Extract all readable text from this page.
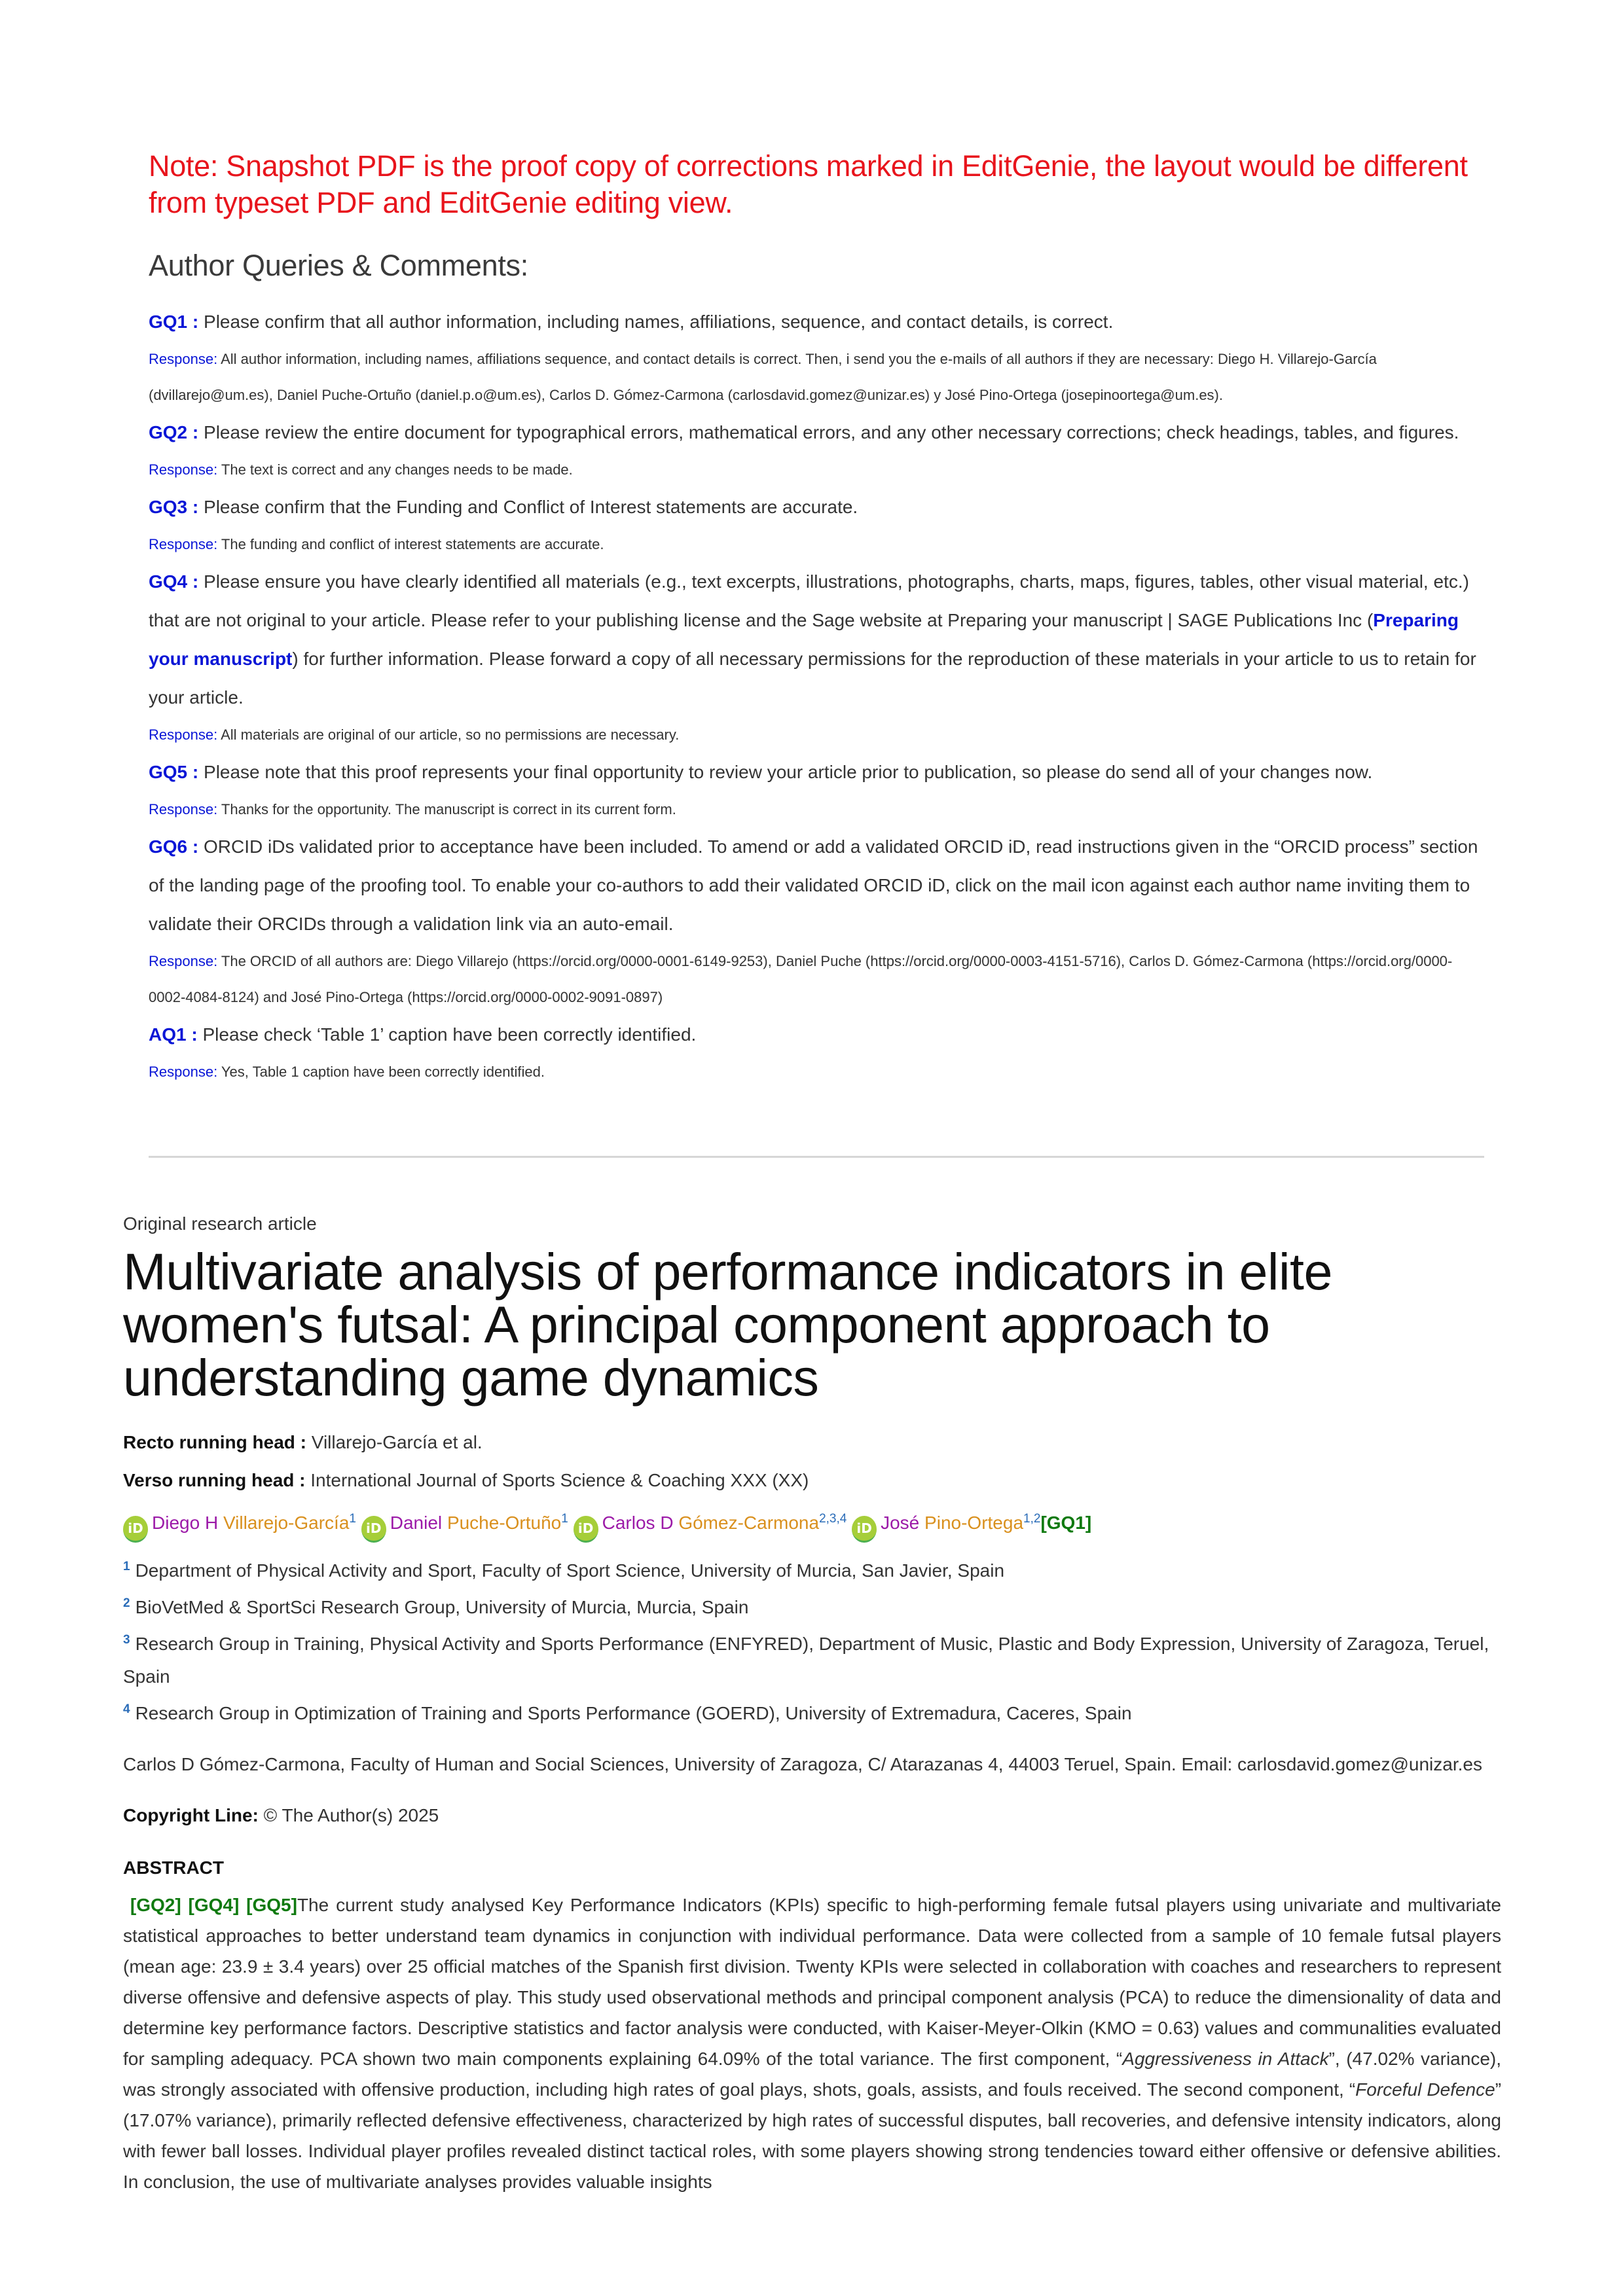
Note: Snapshot PDF is the proof copy of corrections marked in EditGenie, the layout would be different from typeset PDF and EditGenie editing view.

Author Queries & Comments:

GQ1 : Please confirm that all author information, including names, affiliations, sequence, and contact details, is correct.

Response: All author information, including names, affiliations sequence, and contact details is correct. Then, i send you the e-mails of all authors if they are necessary: Diego H. Villarejo-García (dvillarejo@um.es), Daniel Puche-Ortuño (daniel.p.o@um.es), Carlos D. Gómez-Carmona (carlosdavid.gomez@unizar.es) y José Pino-Ortega (josepinoortega@um.es).

GQ2 : Please review the entire document for typographical errors, mathematical errors, and any other necessary corrections; check headings, tables, and figures.

Response: The text is correct and any changes needs to be made.

GQ3 : Please confirm that the Funding and Conflict of Interest statements are accurate.

Response: The funding and conflict of interest statements are accurate.

GQ4 : Please ensure you have clearly identified all materials (e.g., text excerpts, illustrations, photographs, charts, maps, figures, tables, other visual material, etc.) that are not original to your article. Please refer to your publishing license and the Sage website at Preparing your manuscript | SAGE Publications Inc (Preparing your manuscript) for further information. Please forward a copy of all necessary permissions for the reproduction of these materials in your article to us to retain for your article.

Response: All materials are original of our article, so no permissions are necessary.

GQ5 : Please note that this proof represents your final opportunity to review your article prior to publication, so please do send all of your changes now.

Response: Thanks for the opportunity. The manuscript is correct in its current form.

GQ6 : ORCID iDs validated prior to acceptance have been included. To amend or add a validated ORCID iD, read instructions given in the “ORCID process” section of the landing page of the proofing tool. To enable your co-authors to add their validated ORCID iD, click on the mail icon against each author name inviting them to validate their ORCIDs through a validation link via an auto-email.

Response: The ORCID of all authors are: Diego Villarejo (https://orcid.org/0000-0001-6149-9253), Daniel Puche (https://orcid.org/0000-0003-4151-5716), Carlos D. Gómez-Carmona (https://orcid.org/0000-0002-4084-8124) and José Pino-Ortega (https://orcid.org/0000-0002-9091-0897)

AQ1 : Please check ‘Table 1’ caption have been correctly identified.

Response: Yes, Table 1 caption have been correctly identified.

Original research article

Multivariate analysis of performance indicators in elite women's futsal: A principal component approach to understanding game dynamics

Recto running head : Villarejo-García et al.

Verso running head : International Journal of Sports Science & Coaching XXX (XX)

iD Diego H Villarejo-García$^1$ iD Daniel Puche-Ortuño$^1$ iD Carlos D Gómez-Carmona$^{2,3,4}$ iD José Pino-Ortega$^{1,2}$[GQ1]

$^1$ Department of Physical Activity and Sport, Faculty of Sport Science, University of Murcia, San Javier, Spain

$^2$ BioVetMed & SportSci Research Group, University of Murcia, Murcia, Spain

$^3$ Research Group in Training, Physical Activity and Sports Performance (ENFYRED), Department of Music, Plastic and Body Expression, University of Zaragoza, Teruel, Spain

$^4$ Research Group in Optimization of Training and Sports Performance (GOERD), University of Extremadura, Caceres, Spain

Carlos D Gómez-Carmona, Faculty of Human and Social Sciences, University of Zaragoza, C/ Atarazanas 4, 44003 Teruel, Spain. Email: carlosdavid.gomez@unizar.es

Copyright Line: © The Author(s) 2025

ABSTRACT

[GQ2] [GQ4] [GQ5]The current study analysed Key Performance Indicators (KPIs) specific to high-performing female futsal players using univariate and multivariate statistical approaches to better understand team dynamics in conjunction with individual performance. Data were collected from a sample of 10 female futsal players (mean age: 23.9 ± 3.4 years) over 25 official matches of the Spanish first division. Twenty KPIs were selected in collaboration with coaches and researchers to represent diverse offensive and defensive aspects of play. This study used observational methods and principal component analysis (PCA) to reduce the dimensionality of data and determine key performance factors. Descriptive statistics and factor analysis were conducted, with Kaiser-Meyer-Olkin (KMO = 0.63) values and communalities evaluated for sampling adequacy. PCA shown two main components explaining 64.09% of the total variance. The first component, “Aggressiveness in Attack”, (47.02% variance), was strongly associated with offensive production, including high rates of goal plays, shots, goals, assists, and fouls received. The second component, “Forceful Defence” (17.07% variance), primarily reflected defensive effectiveness, characterized by high rates of successful disputes, ball recoveries, and defensive intensity indicators, along with fewer ball losses. Individual player profiles revealed distinct tactical roles, with some players showing strong tendencies toward either offensive or defensive abilities. In conclusion, the use of multivariate analyses provides valuable insights
